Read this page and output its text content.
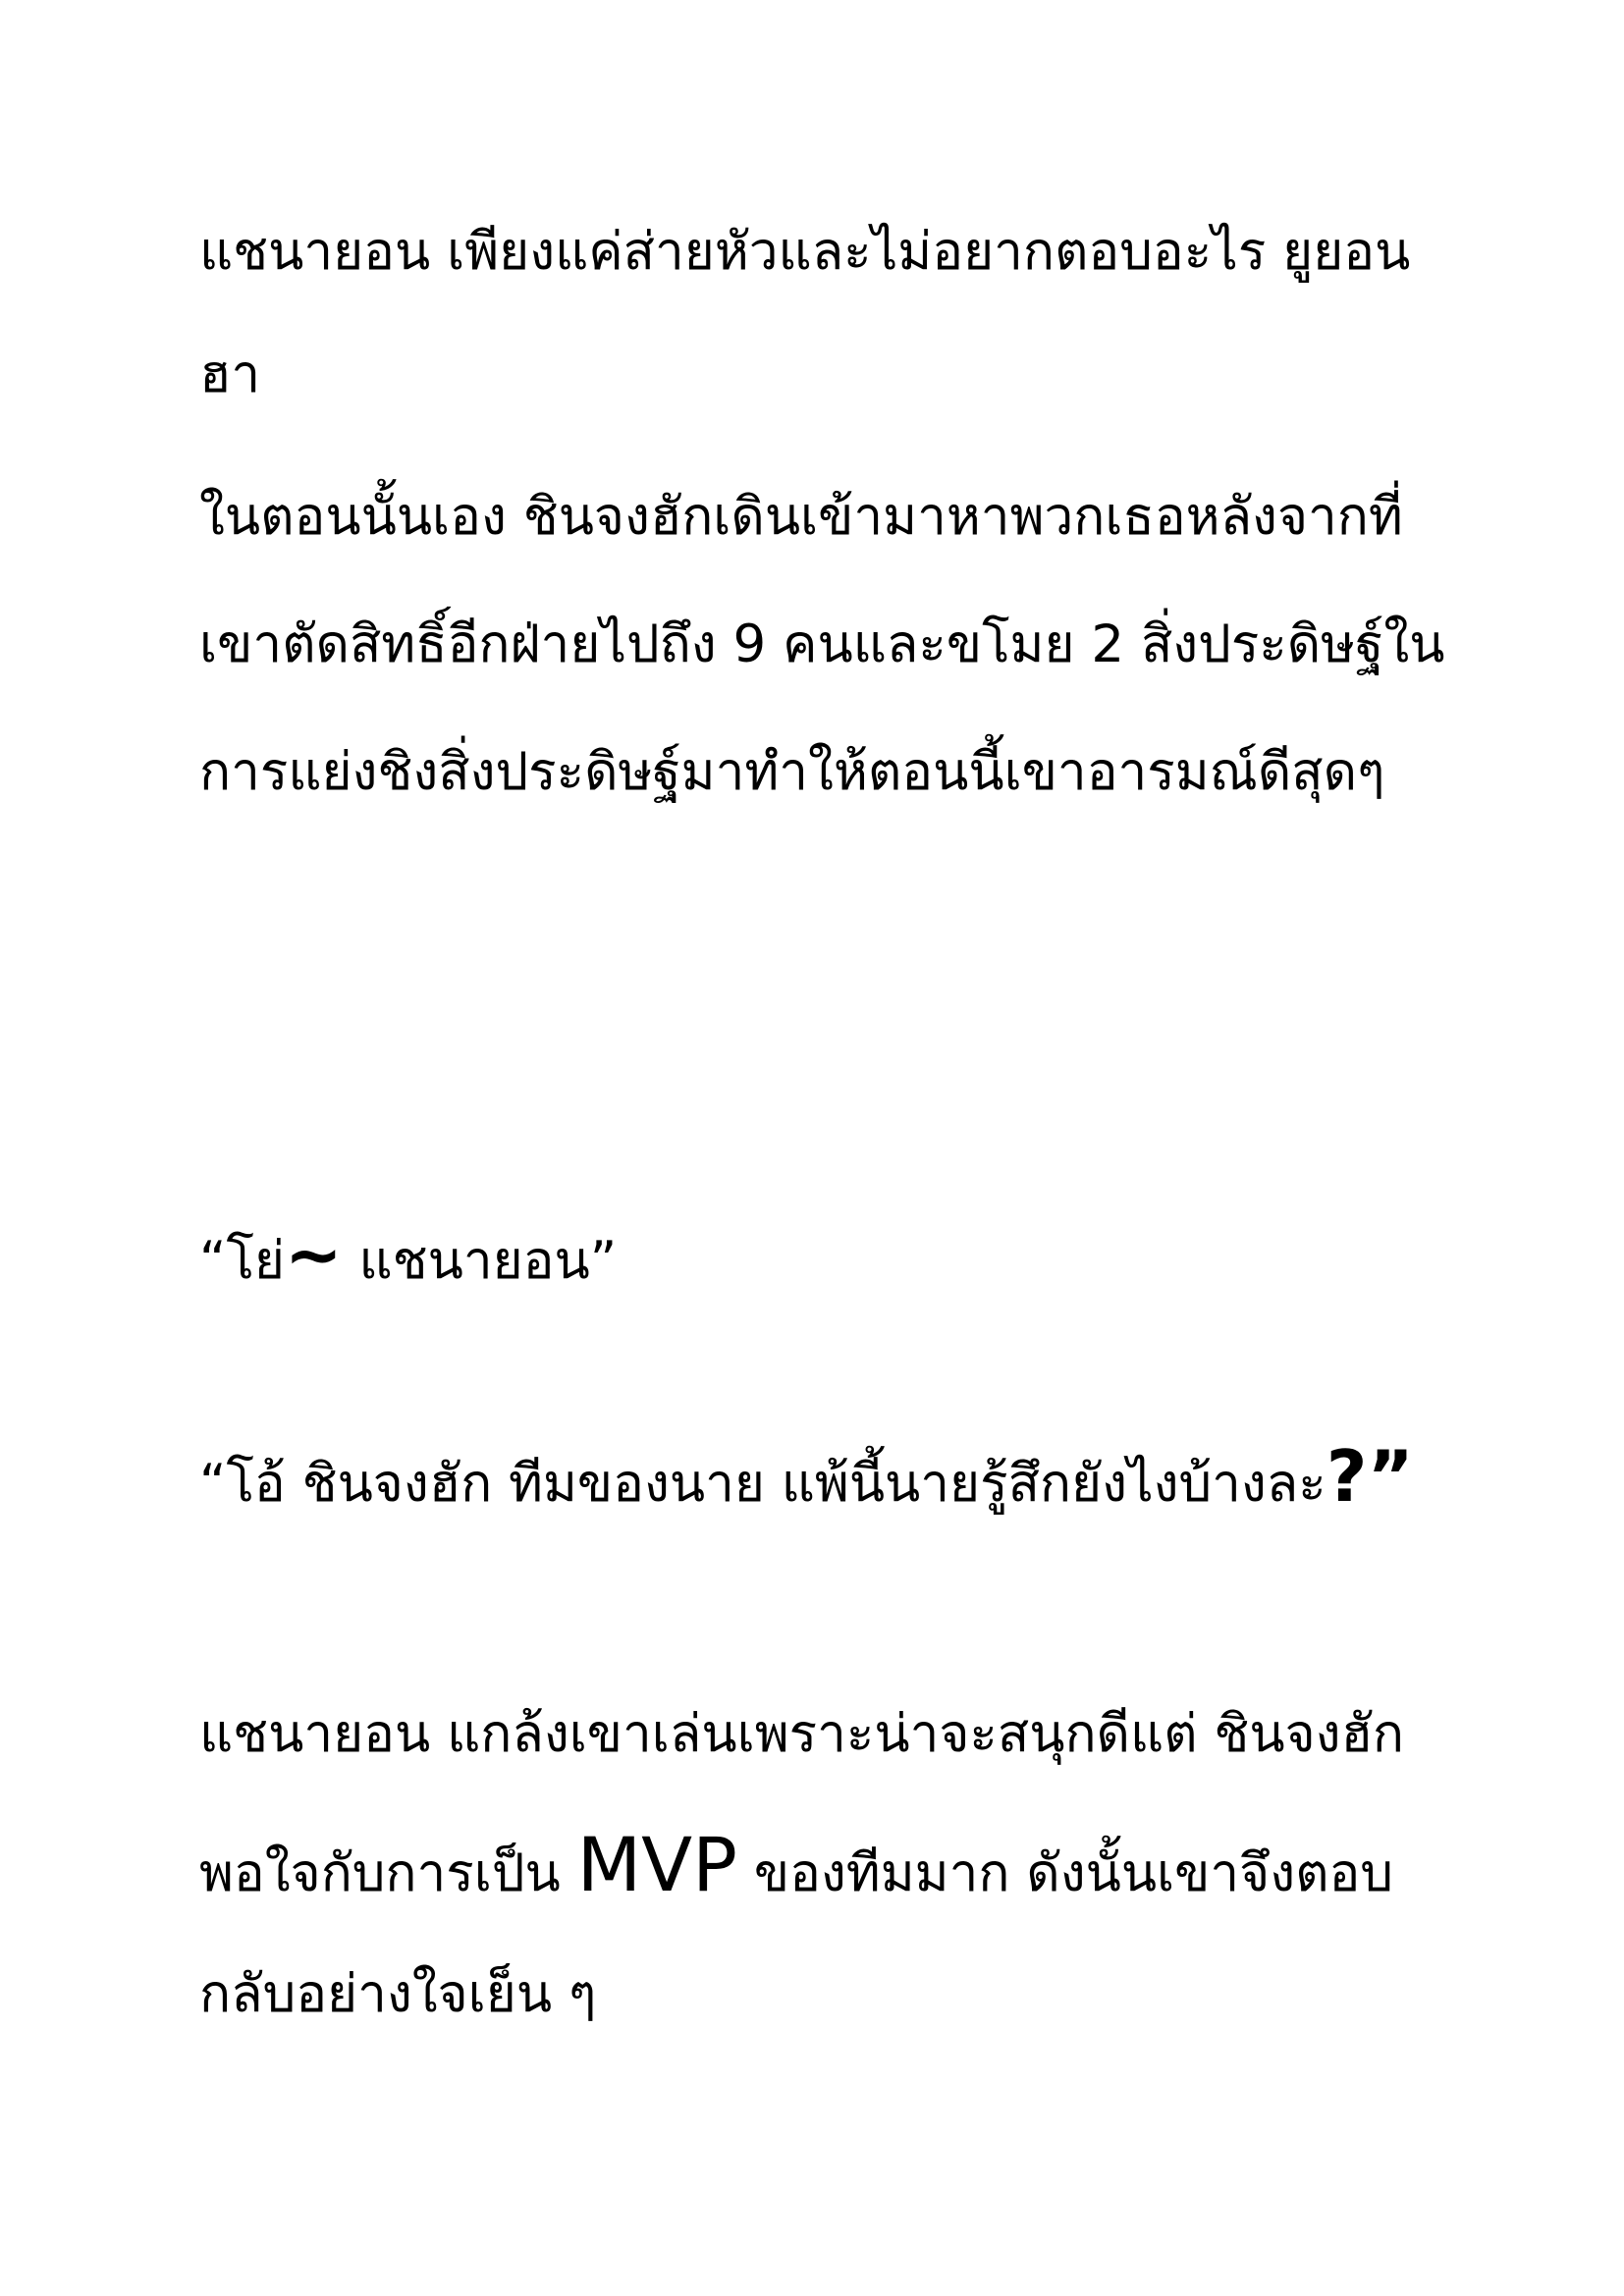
แชนายอน เพียงแค่ส่ายหัวและไม่อยากตอบอะไร ยูยอน

ฮา

ในตอนนั้นเอง ชินจงฮักเดินเข้ามาหาพวกเธอหลังจากที่

เขาตัดสิทธิ์อีกฝ่ายไปถึง 9 คนและขโมย 2 สิ่งประดิษฐ์ใน

การแย่งชิงสิ่งประดิษฐ์มาทำให้ตอนนี้เขาอารมณ์ดีสุดๆ

“โย่~ แชนายอน”

“โอ้ ชินจงฮัก ทีมของนาย แพ้นี้นายรู้สึกยังไงบ้างละ?”

แชนายอน แกล้งเขาเล่นเพราะน่าจะสนุกดีแต่ ชินจงฮัก

พอใจกับการเป็น MVP ของทีมมาก ดังนั้นเขาจึงตอบ

กลับอย่างใจเย็น ๆ
